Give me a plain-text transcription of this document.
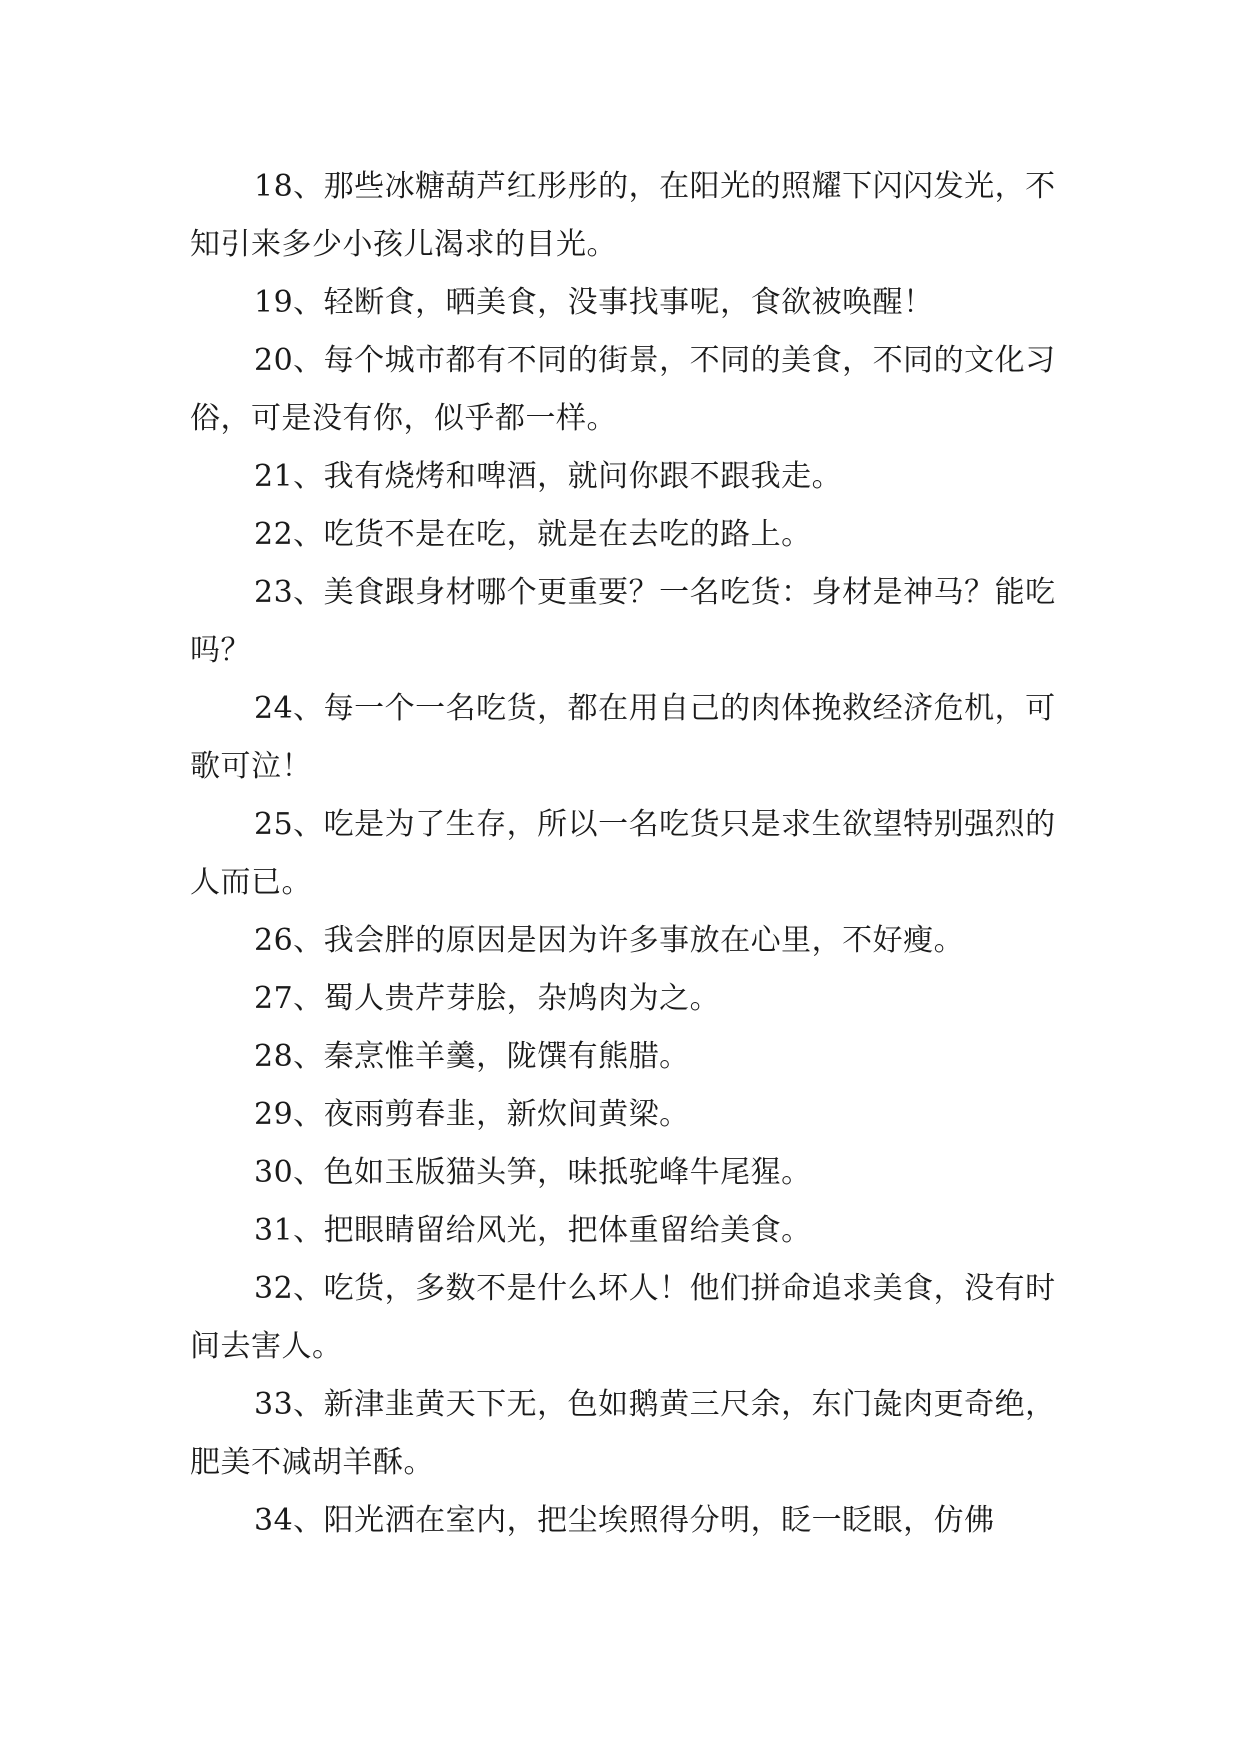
18、那些冰糖葫芦红彤彤的，在阳光的照耀下闪闪发光，不知引来多少小孩儿渴求的目光。

19、轻断食，晒美食，没事找事呢，食欲被唤醒！

20、每个城市都有不同的街景，不同的美食，不同的文化习俗，可是没有你，似乎都一样。

21、我有烧烤和啤酒，就问你跟不跟我走。

22、吃货不是在吃，就是在去吃的路上。

23、美食跟身材哪个更重要？一名吃货：身材是神马？能吃吗？

24、每一个一名吃货，都在用自己的肉体挽救经济危机，可歌可泣！

25、吃是为了生存，所以一名吃货只是求生欲望特别强烈的人而已。

26、我会胖的原因是因为许多事放在心里，不好瘦。

27、蜀人贵芹芽脍，杂鸠肉为之。

28、秦烹惟羊羹，陇馔有熊腊。

29、夜雨剪春韭，新炊间黄梁。

30、色如玉版猫头笋，味抵驼峰牛尾猩。

31、把眼睛留给风光，把体重留给美食。

32、吃货，多数不是什么坏人！他们拼命追求美食，没有时间去害人。

33、新津韭黄天下无，色如鹅黄三尺余，东门彘肉更奇绝，肥美不减胡羊酥。

34、阳光洒在室内，把尘埃照得分明，眨一眨眼，仿佛
